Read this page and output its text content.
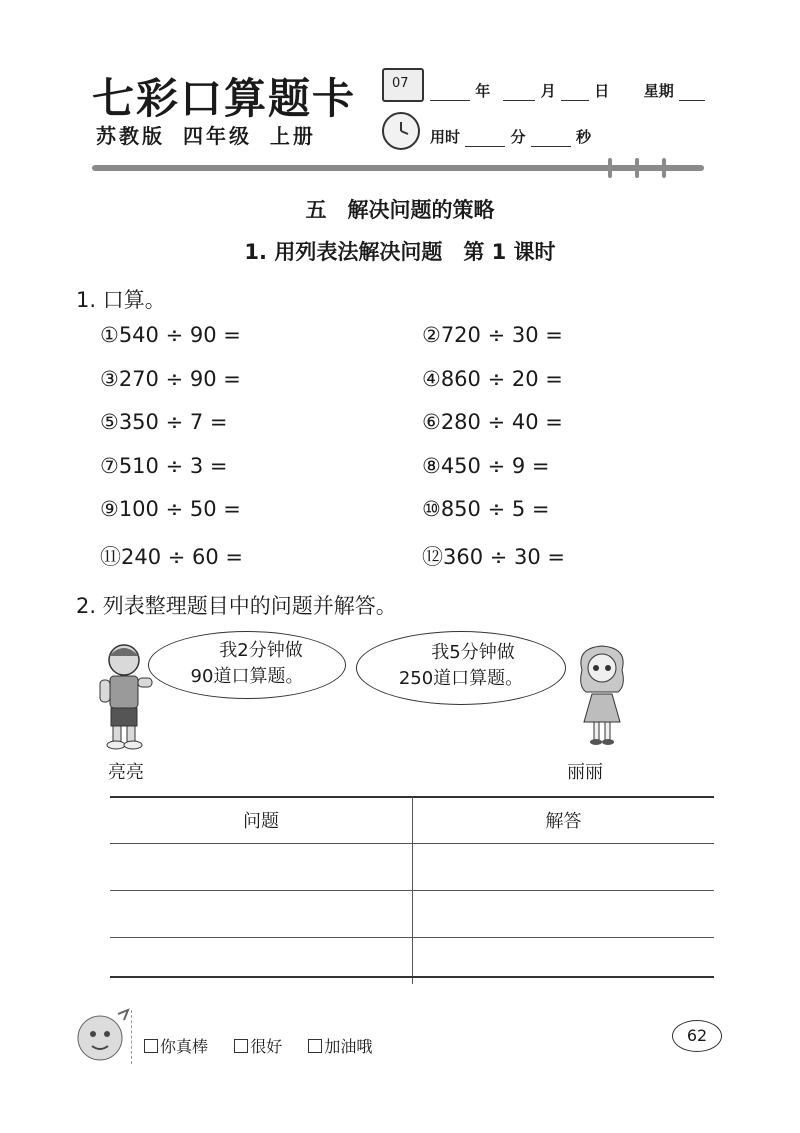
七彩口算题卡
苏教版 四年级 上册
07	年	月	日 星期
用时	分	秒
五　解决问题的策略
1. 用列表法解决问题　第 1 课时
1. 口算。
①540 ÷ 90 =	②720 ÷ 30 =
③270 ÷ 90 =	④860 ÷ 20 =
⑤350 ÷ 7 =	⑥280 ÷ 40 =
⑦510 ÷ 3 =	⑧450 ÷ 9 =
⑨100 ÷ 50 =	⑩850 ÷ 5 =
⑪240 ÷ 60 =	⑫360 ÷ 30 =
2. 列表整理题目中的问题并解答。
我2分钟做
90道口算题。
亮亮
我5分钟做
250道口算题。
丽丽
问题	解答

你真棒	很好	加油哦
62
